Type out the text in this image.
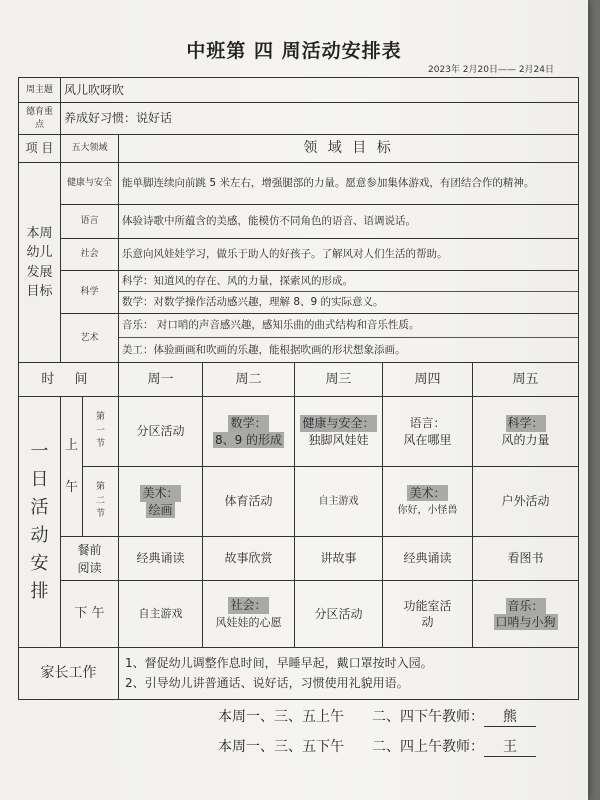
中班第 四 周活动安排表
2023年 2月20日—— 2月24日
周主题	风儿吹呀吹						
德育重点	养成好习惯：说好话						
项 目	五大领域		领 域 目 标				
本周幼儿发展目标	健康与安全		能单脚连续向前跳 5 米左右，增强腿部的力量。愿意参加集体游戏，有团结合作的精神。				
	语言		体验诗歌中所蕴含的美感，能模仿不同角色的语音、语调说话。				
	社会		乐意向风娃娃学习，做乐于助人的好孩子。了解风对人们生活的帮助。				
	科学		科学：知道风的存在、风的力量，探索风的形成。
数学：对数学操作活动感兴趣，理解 8、9 的实际意义。				

	艺术		音乐： 对口哨的声音感兴趣，感知乐曲的曲式结构和音乐性质。
美工：体验画画和吹画的乐趣，能根据吹画的形状想象添画。				

时 间			周一	周二	周三	周四	周五
一日活动安排	上午	第一节	分区活动	数学：
8、9 的形成	健康与安全：
独脚风娃娃	语言：
风在哪里	科学：
风的力量
		第二节	美术：
绘画	体育活动	自主游戏	美术：
你好，小怪兽	户外活动
	餐前阅读		经典诵读	故事欣赏	讲故事	经典诵读	看图书
	下 午		自主游戏	社会：
风娃娃的心愿	分区活动	功能室活
动	音乐：
口哨与小狗

家长工作			1、督促幼儿调整作息时间，早睡早起，戴口罩按时入园。
2、引导幼儿讲普通话、说好话，习惯使用礼貌用语。				
本周一、三、五上午　　二、四下午教师： 熊
本周一、三、五下午　　二、四上午教师： 王
